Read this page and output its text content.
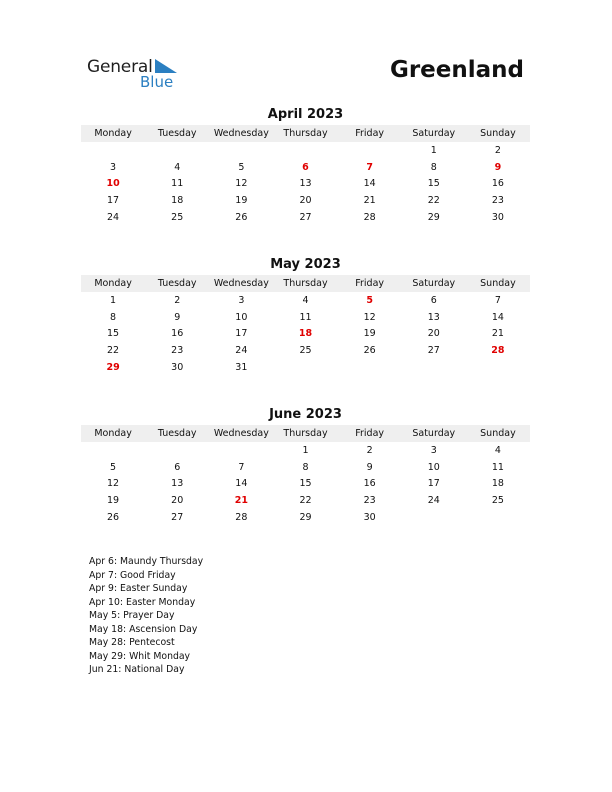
General
Blue	Greenland
April 2023
Monday	Tuesday	Wednesday	Thursday	Friday	Saturday	Sunday
					1	2
3	4	5	6	7	8	9
10	11	12	13	14	15	16
17	18	19	20	21	22	23
24	25	26	27	28	29	30
May 2023
Monday	Tuesday	Wednesday	Thursday	Friday	Saturday	Sunday
1	2	3	4	5	6	7
8	9	10	11	12	13	14
15	16	17	18	19	20	21
22	23	24	25	26	27	28
29	30	31				
June 2023
Monday	Tuesday	Wednesday	Thursday	Friday	Saturday	Sunday
			1	2	3	4
5	6	7	8	9	10	11
12	13	14	15	16	17	18
19	20	21	22	23	24	25
26	27	28	29	30		
Apr 6: Maundy Thursday
Apr 7: Good Friday
Apr 9: Easter Sunday
Apr 10: Easter Monday
May 5: Prayer Day
May 18: Ascension Day
May 28: Pentecost
May 29: Whit Monday
Jun 21: National Day
